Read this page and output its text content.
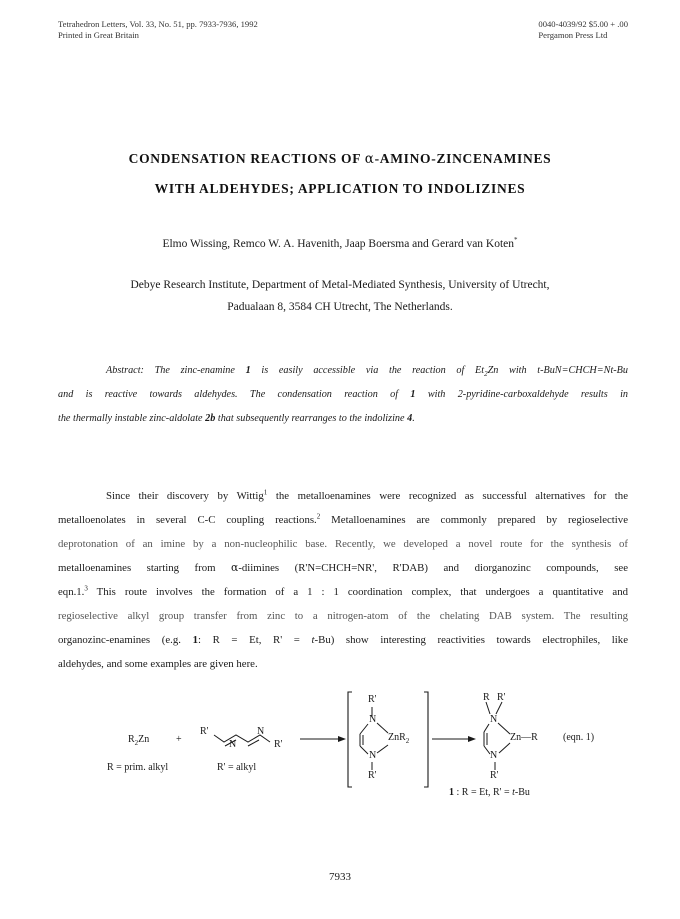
Tetrahedron Letters, Vol. 33, No. 51, pp. 7933-7936, 1992
Printed in Great Britain
0040-4039/92 $5.00 + .00
Pergamon Press Ltd
CONDENSATION REACTIONS OF α-AMINO-ZINCENAMINES
WITH ALDEHYDES; APPLICATION TO INDOLIZINES
Elmo Wissing, Remco W. A. Havenith, Jaap Boersma and Gerard van Koten*
Debye Research Institute, Department of Metal-Mediated Synthesis, University of Utrecht,
Padualaan 8, 3584 CH Utrecht, The Netherlands.
Abstract: The zinc-enamine 1 is easily accessible via the reaction of $Et_2Zn$ with t-BuN=CHCH=Nt-Bu
and is reactive towards aldehydes. The condensation reaction of 1 with 2-pyridine-carboxaldehyde results in
the thermally instable zinc-aldolate 2b that subsequently rearranges to the indolizine 4.
Since their discovery by Wittig$^1$ the metalloenamines were recognized as successful alternatives for the
metalloenolates in several C-C coupling reactions.$^2$ Metalloenamines are commonly prepared by regioselective
deprotonation of an imine by a non-nucleophilic base. Recently, we developed a novel route for the synthesis of
metalloenamines starting from α-diimines (R'N=CHCH=NR', R'DAB) and diorganozinc compounds, see
eqn.1.$^3$ This route involves the formation of a 1 : 1 coordination complex, that undergoes a quantitative and
regioselective alkyl group transfer from zinc to a nitrogen-atom of the chelating DAB system. The resulting
organozinc-enamines (e.g. 1: R = Et, R' = t-Bu) show interesting reactivities towards electrophiles, like
aldehydes, and some examples are given here.
$R_2Zn$	+
R = prim. alkyl
R'
N
N
R'
R' = alkyl
R'
N
ZnR$_2$
N
R'
R R'
N
Zn—R	(eqn. 1)
N
R'
1 : R = Et, R' = t-Bu
7933
